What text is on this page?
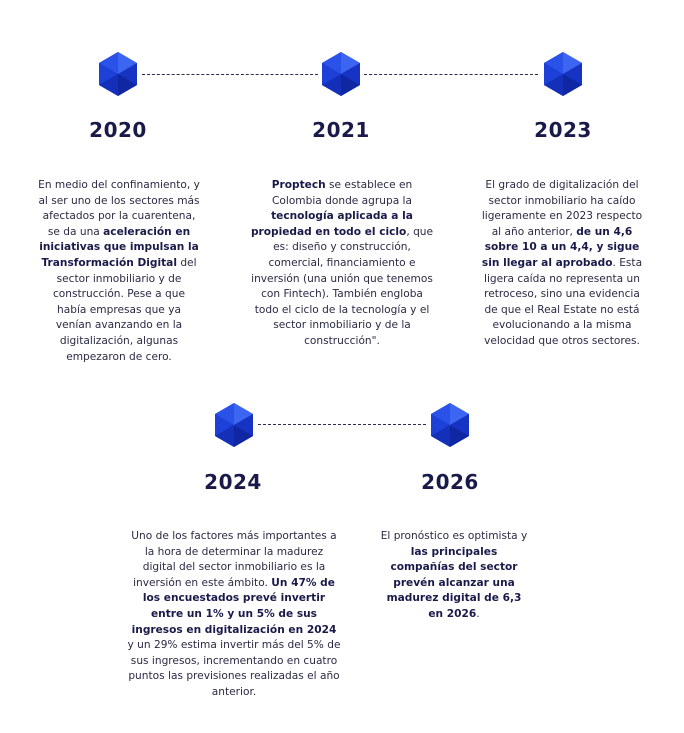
2020	2021	2023
2024	2026
En medio del confinamiento, y al ser uno de los sectores más afectados por la cuarentena, se da una aceleración en iniciativas que impulsan la Transformación Digital del sector inmobiliario y de construcción. Pese a que había empresas que ya venían avanzando en la digitalización, algunas empezaron de cero.
Proptech se establece en Colombia donde agrupa la tecnología aplicada a la propiedad en todo el ciclo, que es: diseño y construcción, comercial, financiamiento e inversión (una unión que tenemos con Fintech). También engloba todo el ciclo de la tecnología y el sector inmobiliario y de la construcción".
El grado de digitalización del sector inmobiliario ha caído ligeramente en 2023 respecto al año anterior, de un 4,6 sobre 10 a un 4,4, y sigue sin llegar al aprobado. Esta ligera caída no representa un retroceso, sino una evidencia de que el Real Estate no está evolucionando a la misma velocidad que otros sectores.
Uno de los factores más importantes a la hora de determinar la madurez digital del sector inmobiliario es la inversión en este ámbito. Un 47% de los encuestados prevé invertir entre un 1% y un 5% de sus ingresos en digitalización en 2024 y un 29% estima invertir más del 5% de sus ingresos, incrementando en cuatro puntos las previsiones realizadas el año anterior.
El pronóstico es optimista y las principales compañías del sector prevén alcanzar una madurez digital de 6,3 en 2026.
